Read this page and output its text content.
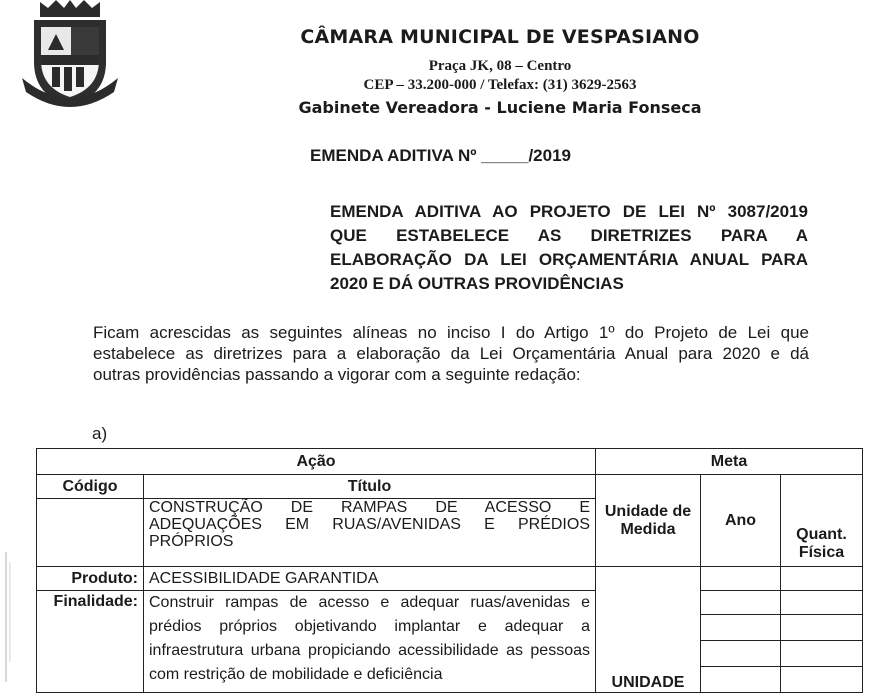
CÂMARA MUNICIPAL DE VESPASIANO
Praça JK, 08 – Centro
CEP – 33.200-000 / Telefax: (31) 3629-2563
Gabinete Vereadora - Luciene Maria Fonseca
EMENDA ADITIVA Nº _____/2019
EMENDA ADITIVA AO PROJETO DE LEI Nº 3087/2019
QUE ESTABELECE AS DIRETRIZES PARA A
ELABORAÇÃO DA LEI ORÇAMENTÁRIA ANUAL PARA
2020 E DÁ OUTRAS PROVIDÊNCIAS
Ficam acrescidas as seguintes alíneas no inciso I do Artigo 1º do Projeto de Lei que
estabelece as diretrizes para a elaboração da Lei Orçamentária Anual para 2020 e dá
outras providências passando a vigorar com a seguinte redação:
a)
Ação		Meta		
Código	Título	Unidade de Medida	Ano	Quant. Física

	CONSTRUÇÃO DE RAMPAS DE ACESSO E
ADEQUAÇÕES EM RUAS/AVENIDAS E PRÉDIOS
PRÓPRIOS			

Produto:	ACESSIBILIDADE GARANTIDA	UNIDADE		
Finalidade:	Construir rampas de acesso e adequar ruas/avenidas e
prédios próprios objetivando implantar e adequar a
infraestrutura urbana propiciando acessibilidade as pessoas
com restrição de mobilidade e deficiência			
